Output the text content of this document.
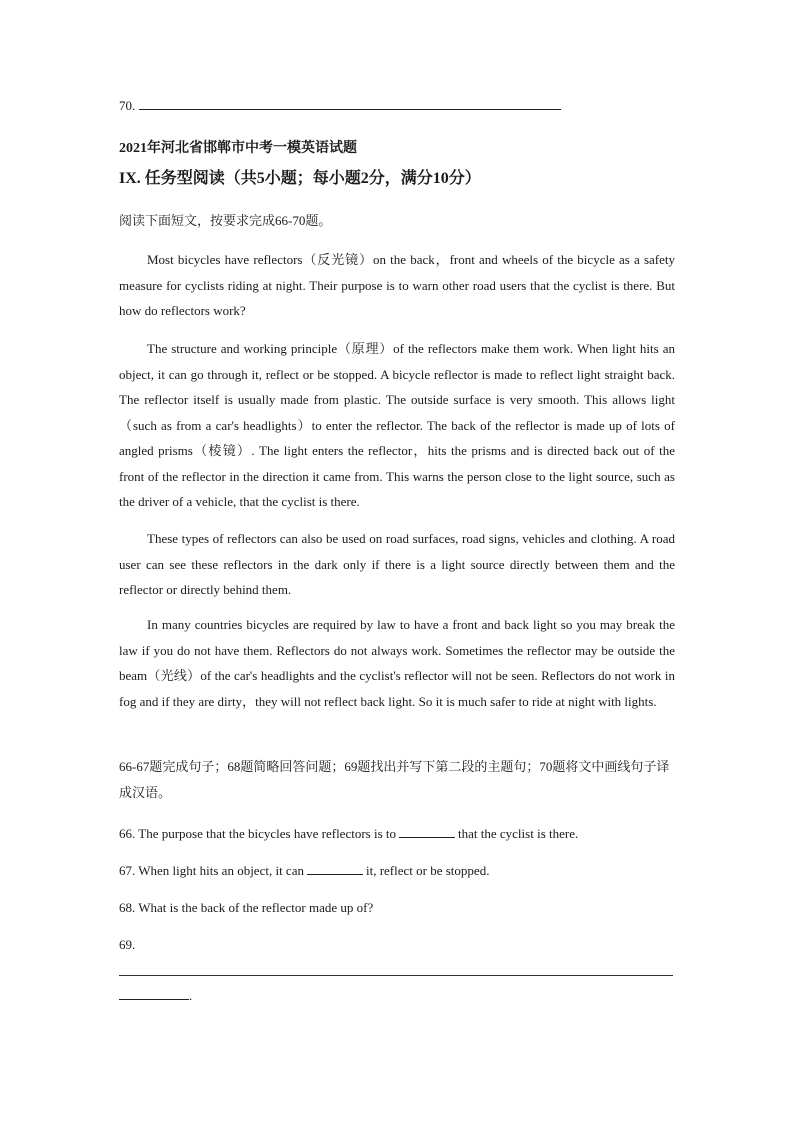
70.
2021年河北省邯郸市中考一模英语试题
IX. 任务型阅读（共5小题；每小题2分，满分10分）
阅读下面短文，按要求完成66-70题。

Most bicycles have reflectors（反光镜）on the back，front and wheels of the bicycle as a safety measure for cyclists riding at night. Their purpose is to warn other road users that the cyclist is there. But how do reflectors work?

The structure and working principle（原理）of the reflectors make them work. When light hits an object, it can go through it, reflect or be stopped. A bicycle reflector is made to reflect light straight back. The reflector itself is usually made from plastic. The outside surface is very smooth. This allows light（such as from a car's headlights）to enter the reflector. The back of the reflector is made up of lots of angled prisms（棱镜）. The light enters the reflector，hits the prisms and is directed back out of the front of the reflector in the direction it came from. This warns the person close to the light source, such as the driver of a vehicle, that the cyclist is there.

These types of reflectors can also be used on road surfaces, road signs, vehicles and clothing. A road user can see these reflectors in the dark only if there is a light source directly between them and the reflector or directly behind them.

In many countries bicycles are required by law to have a front and back light so you may break the law if you do not have them. Reflectors do not always work. Sometimes the reflector may be outside the beam（光线）of the car's headlights and the cyclist's reflector will not be seen. Reflectors do not work in fog and if they are dirty，they will not reflect back light. So it is much safer to ride at night with lights.

66-67题完成句子；68题简略回答问题；69题找出并写下第二段的主题句；70题将文中画线句子译成汉语。

66. The purpose that the bicycles have reflectors is to	that the cyclist is there.
67. When light hits an object, it can	it, reflect or be stopped.
68. What is the back of the reflector made up of?
69.
.
